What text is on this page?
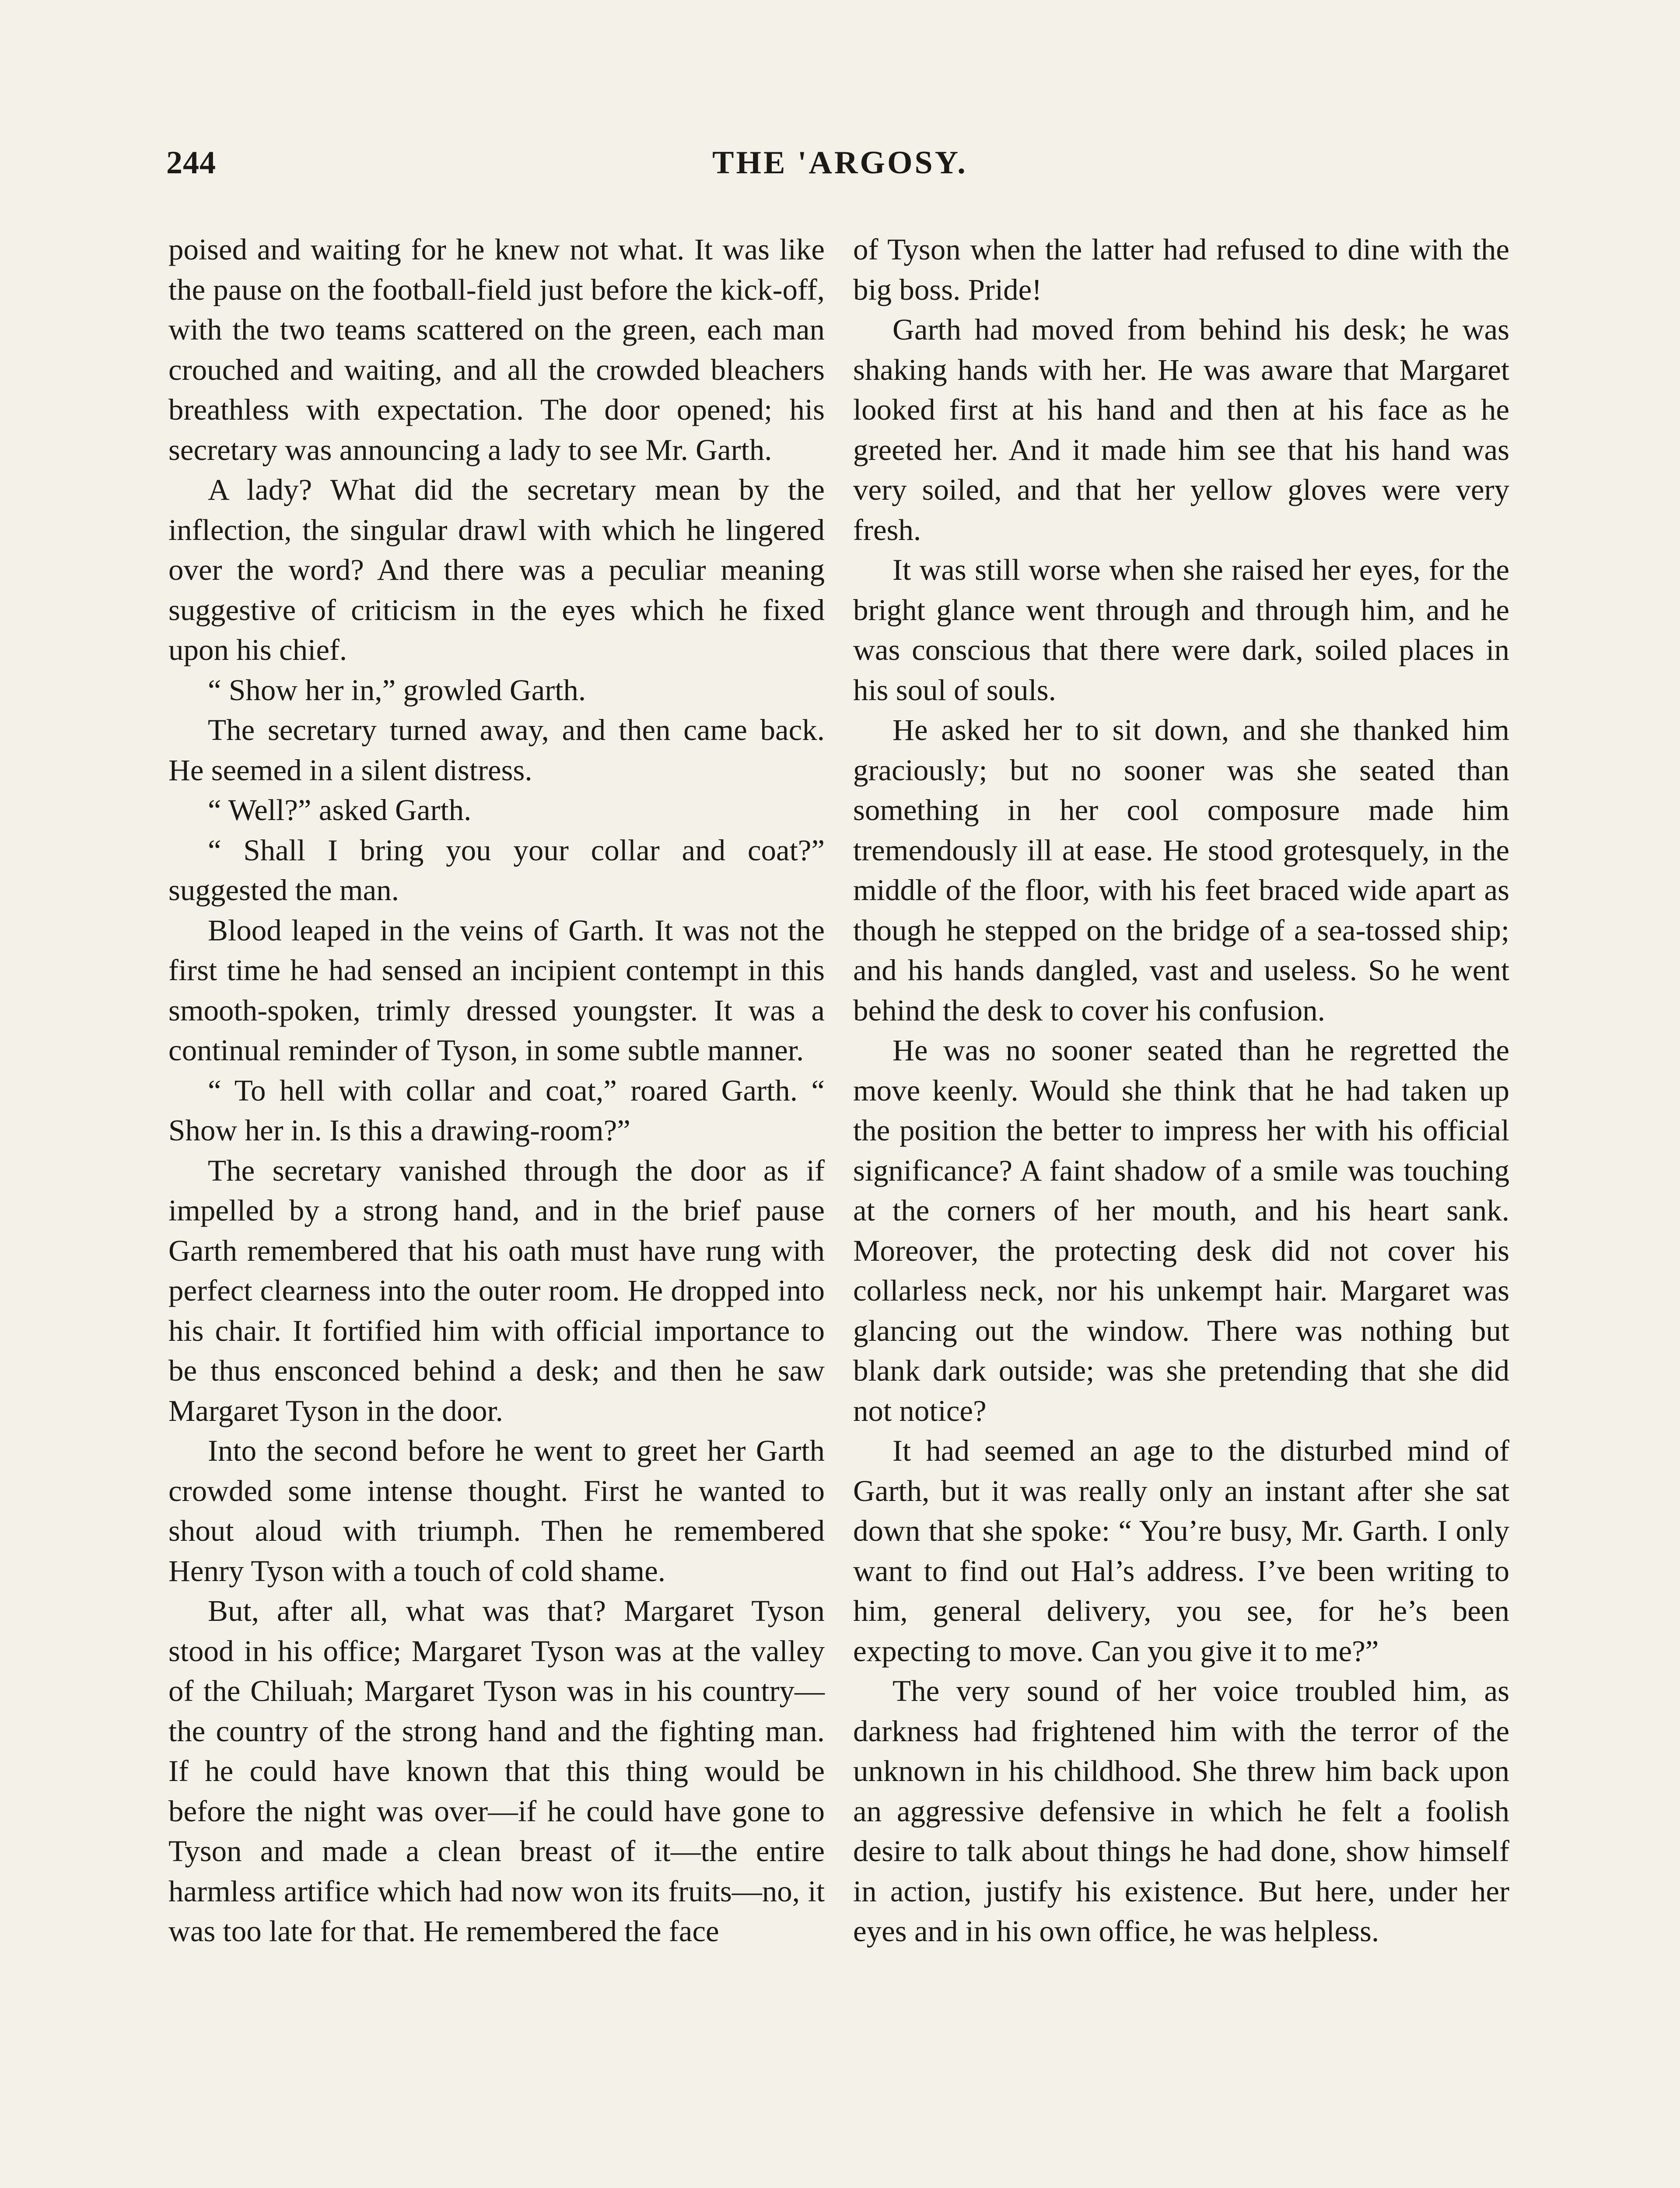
244	THE 'ARGOSY.

poised and waiting for he knew not what. It was like the pause on the football-field just before the kick-off, with the two teams scattered on the green, each man crouched and waiting, and all the crowded bleachers breathless with expectation. The door opened; his secretary was announcing a lady to see Mr. Garth.

A lady? What did the secretary mean by the inflection, the singular drawl with which he lingered over the word? And there was a peculiar meaning suggestive of criticism in the eyes which he fixed upon his chief.

“ Show her in,” growled Garth.

The secretary turned away, and then came back. He seemed in a silent distress.

“ Well?” asked Garth.

“ Shall I bring you your collar and coat?” suggested the man.

Blood leaped in the veins of Garth. It was not the first time he had sensed an incipient contempt in this smooth-spoken, trimly dressed youngster. It was a continual reminder of Tyson, in some subtle manner.

“ To hell with collar and coat,” roared Garth. “ Show her in. Is this a drawing-room?”

The secretary vanished through the door as if impelled by a strong hand, and in the brief pause Garth remembered that his oath must have rung with perfect clearness into the outer room. He dropped into his chair. It fortified him with official importance to be thus ensconced behind a desk; and then he saw Margaret Tyson in the door.

Into the second before he went to greet her Garth crowded some intense thought. First he wanted to shout aloud with triumph. Then he remembered Henry Tyson with a touch of cold shame.

But, after all, what was that? Margaret Tyson stood in his office; Margaret Tyson was at the valley of the Chiluah; Margaret Tyson was in his country—the country of the strong hand and the fighting man. If he could have known that this thing would be before the night was over—if he could have gone to Tyson and made a clean breast of it—the entire harmless artifice which had now won its fruits—no, it was too late for that. He remembered the face

of Tyson when the latter had refused to dine with the big boss. Pride!

Garth had moved from behind his desk; he was shaking hands with her. He was aware that Margaret looked first at his hand and then at his face as he greeted her. And it made him see that his hand was very soiled, and that her yellow gloves were very fresh.

It was still worse when she raised her eyes, for the bright glance went through and through him, and he was conscious that there were dark, soiled places in his soul of souls.

He asked her to sit down, and she thanked him graciously; but no sooner was she seated than something in her cool composure made him tremendously ill at ease. He stood grotesquely, in the middle of the floor, with his feet braced wide apart as though he stepped on the bridge of a sea-tossed ship; and his hands dangled, vast and useless. So he went behind the desk to cover his confusion.

He was no sooner seated than he regretted the move keenly. Would she think that he had taken up the position the better to impress her with his official significance? A faint shadow of a smile was touching at the corners of her mouth, and his heart sank. Moreover, the protecting desk did not cover his collarless neck, nor his unkempt hair. Margaret was glancing out the window. There was nothing but blank dark outside; was she pretending that she did not notice?

It had seemed an age to the disturbed mind of Garth, but it was really only an instant after she sat down that she spoke: “ You’re busy, Mr. Garth. I only want to find out Hal’s address. I’ve been writing to him, general delivery, you see, for he’s been expecting to move. Can you give it to me?”

The very sound of her voice troubled him, as darkness had frightened him with the terror of the unknown in his childhood. She threw him back upon an aggressive defensive in which he felt a foolish desire to talk about things he had done, show himself in action, justify his existence. But here, under her eyes and in his own office, he was helpless.
